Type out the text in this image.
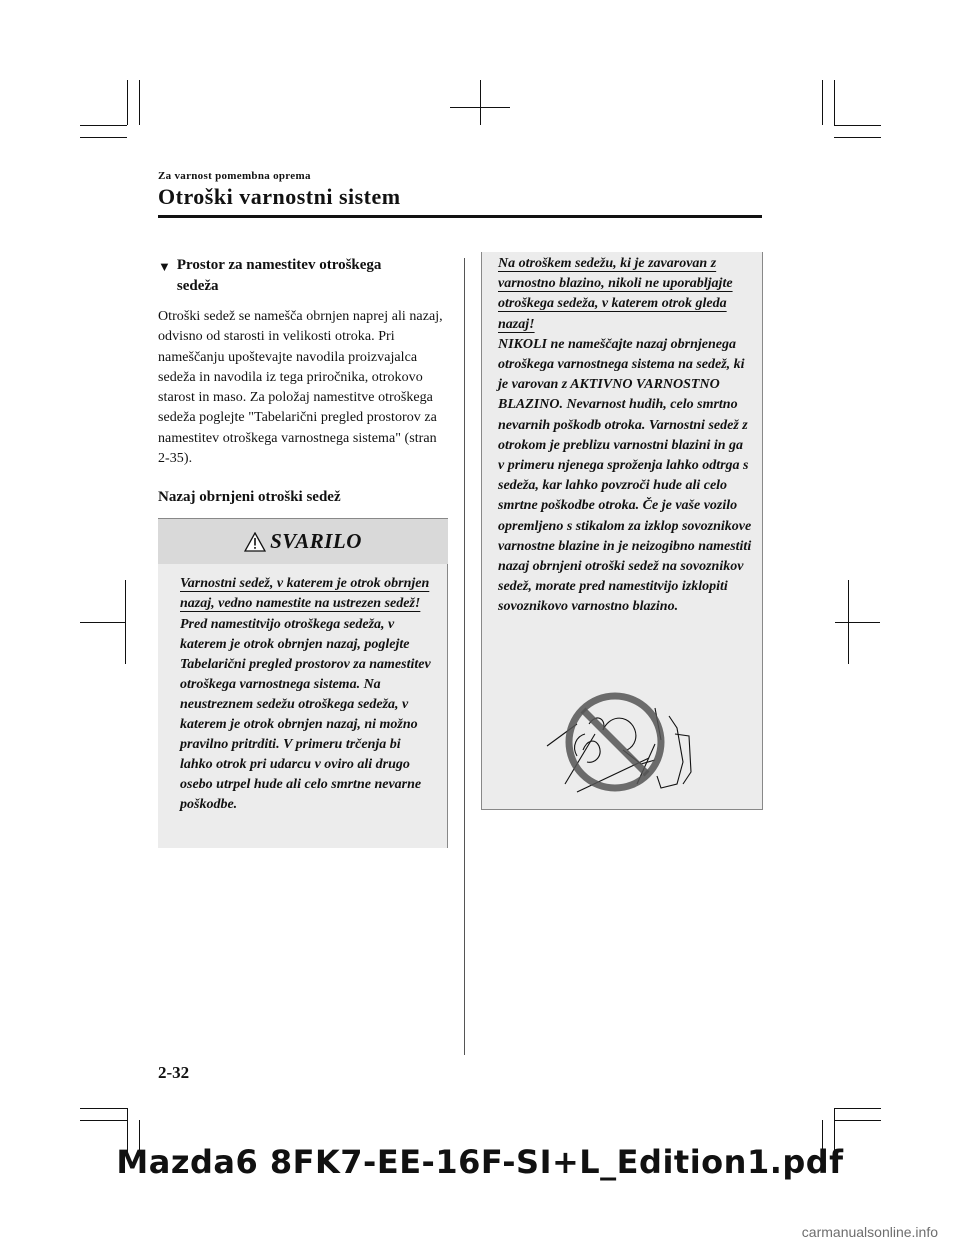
Za varnost pomembna oprema
Otroški varnostni sistem
▼ Prostor za namestitev otroškega
sedeža
Otroški sedež se namešča obrnjen naprej ali nazaj, odvisno od starosti in velikosti otroka. Pri nameščanju upoštevajte navodila proizvajalca sedeža in navodila iz tega priročnika, otrokovo starost in maso. Za položaj namestitve otroškega sedeža poglejte "Tabelarični pregled prostorov za namestitev otroškega varnostnega sistema" (stran 2-35).
Nazaj obrnjeni otroški sedež
SVARILO
Varnostni sedež, v katerem je otrok obrnjen nazaj, vedno namestite na ustrezen sedež!
Pred namestitvijo otroškega sedeža, v katerem je otrok obrnjen nazaj, poglejte Tabelarični pregled prostorov za namestitev otroškega varnostnega sistema. Na neustreznem sedežu otroškega sedeža, v katerem je otrok obrnjen nazaj, ni možno pravilno pritrditi. V primeru trčenja bi lahko otrok pri udarcu v oviro ali drugo osebo utrpel hude ali celo smrtne nevarne poškodbe.
Na otroškem sedežu, ki je zavarovan z varnostno blazino, nikoli ne uporabljajte otroškega sedeža, v katerem otrok gleda nazaj!
NIKOLI ne nameščajte nazaj obrnjenega otroškega varnostnega sistema na sedež, ki je varovan z AKTIVNO VARNOSTNO BLAZINO. Nevarnost hudih, celo smrtno nevarnih poškodb otroka. Varnostni sedež z otrokom je preblizu varnostni blazini in ga v primeru njenega sproženja lahko odtrga s sedeža, kar lahko povzroči hude ali celo smrtne poškodbe otroka. Če je vaše vozilo opremljeno s stikalom za izklop sovoznikove varnostne blazine in je neizogibno namestiti nazaj obrnjeni otroški sedež na sovoznikov sedež, morate pred namestitvijo izklopiti sovoznikovo varnostno blazino.
2-32
Mazda6 8FK7-EE-16F-SI+L_Edition1.pdf
carmanualsonline.info
